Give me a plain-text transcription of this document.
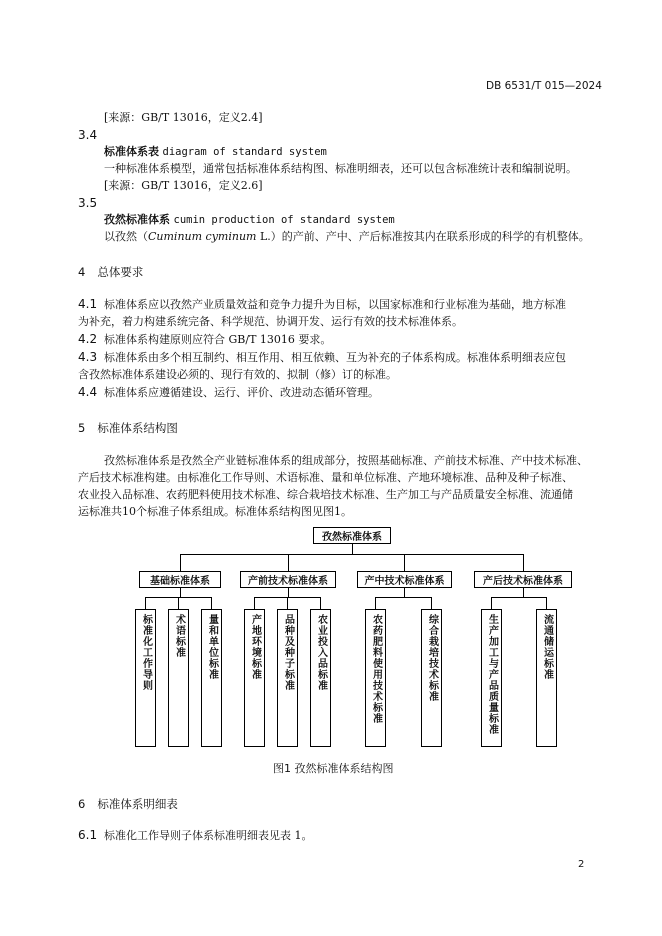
DB 6531/T 015—2024
[来源：GB/T 13016，定义2.4]
3.4
标准体系表 diagram of standard system
一种标准体系模型，通常包括标准体系结构图、标准明细表，还可以包含标准统计表和编制说明。
[来源：GB/T 13016，定义2.6]
3.5
孜然标准体系 cumin production of standard system
以孜然（Cuminum cyminum L.）的产前、产中、产后标准按其内在联系形成的科学的有机整体。
4 总体要求
4.1 标准体系应以孜然产业质量效益和竞争力提升为目标，以国家标准和行业标准为基础，地方标准
为补充，着力构建系统完备、科学规范、协调开发、运行有效的技术标准体系。
4.2 标准体系构建原则应符合 GB/T 13016 要求。
4.3 标准体系由多个相互制约、相互作用、相互依赖、互为补充的子体系构成。标准体系明细表应包
含孜然标准体系建设必须的、现行有效的、拟制（修）订的标准。
4.4 标准体系应遵循建设、运行、评价、改进动态循环管理。
5 标准体系结构图
孜然标准体系是孜然全产业链标准体系的组成部分，按照基础标准、产前技术标准、产中技术标准、
产后技术标准构建。由标准化工作导则、术语标准、量和单位标准、产地环境标准、品种及种子标准、
农业投入品标准、农药肥料使用技术标准、综合栽培技术标准、生产加工与产品质量安全标准、流通储
运标准共10个标准子体系组成。标准体系结构图见图1。
孜然标准体系
基础标准体系	产前技术标准体系	产中技术标准体系	产后技术标准体系
标准化工作导则	术语标准	量和单位标准	产地环境标准	品种及种子标准	农业投入品标准	农药肥料使用技术标准	综合栽培技术标准	生产加工与产品质量标准	流通储运标准
图1 孜然标准体系结构图
6 标准体系明细表
6.1 标准化工作导则子体系标准明细表见表 1。
2
